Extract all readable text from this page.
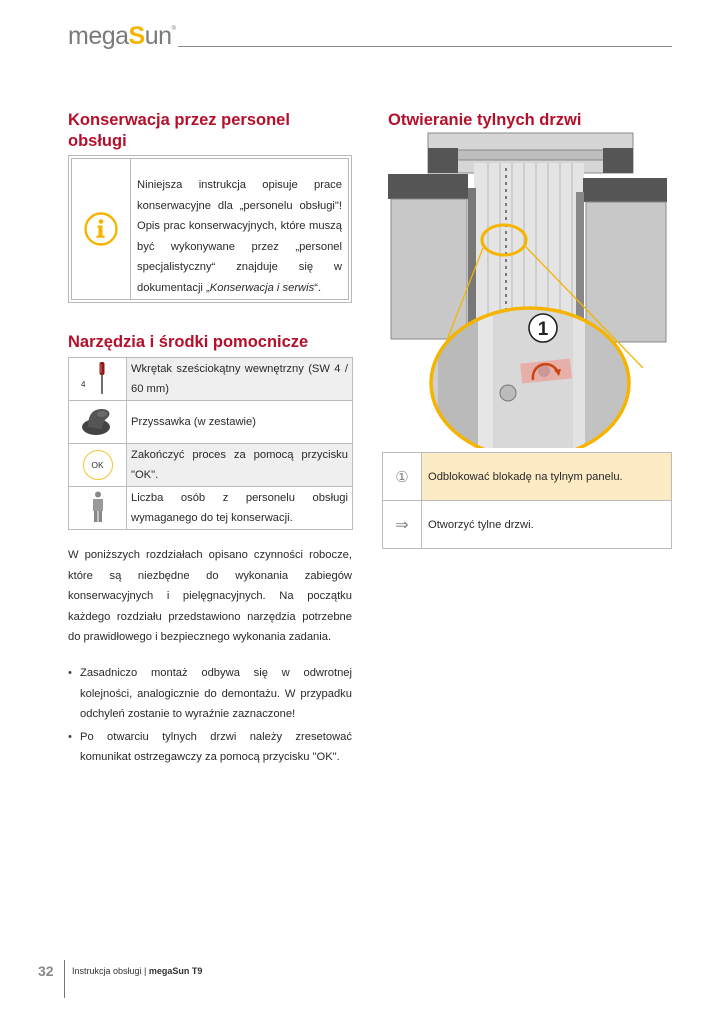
megaSun®
Konserwacja przez personel obsługi
Niniejsza instrukcja opisuje prace konserwacyjne dla „personelu obsługi"! Opis prac konserwacyjnych, które muszą być wykonywane przez „personel specjalistyczny“ znajduje się w dokumentacji „Konserwacja i serwis“.
Narzędzia i środki pomocnicze
4	Wkrętak sześciokątny wewnętrzny (SW 4 / 60 mm)
	Przyssawka (w zestawie)

OK	Zakończyć proces za pomocą przycisku "OK".
	Liczba osób z personelu obsługi wymaganego do tej konserwacji.
W poniższych rozdziałach opisano czynności robocze, które są niezbędne do wykonania zabiegów konserwacyjnych i pielęgnacyjnych. Na początku każdego rozdziału przedstawiono narzędzia potrzebne do prawidłowego i bezpiecznego wykonania zadania.
• Zasadniczo montaż odbywa się w odwrotnej kolejności, analogicznie do demontażu. W przypadku odchyleń zostanie to wyraźnie zaznaczone!
• Po otwarciu tylnych drzwi należy zresetować komunikat ostrzegawczy za pomocą przycisku "OK".
Otwieranie tylnych drzwi
1
①	Odblokować blokadę na tylnym panelu.
⇒	Otworzyć tylne drzwi.
32 Instrukcja obsługi | megaSun T9
